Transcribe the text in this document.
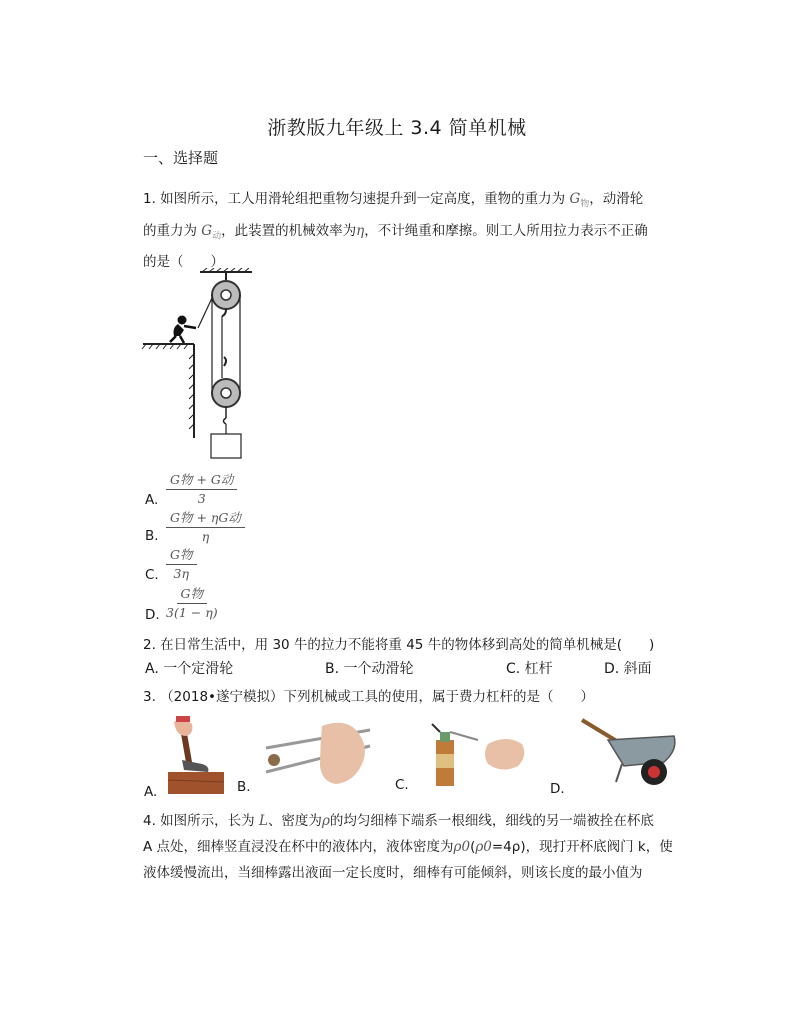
浙教版九年级上 3.4 简单机械
一、选择题
1. 如图所示，工人用滑轮组把重物匀速提升到一定高度，重物的重力为 $G_物$，动滑轮
的重力为 $G_动$，此装置的机械效率为η，不计绳重和摩擦。则工人所用拉力表示不正确
的是（　　）
A.
G物 + G动
3
B.
G物 + ηG动
η
C.
G物
3η
D.
G物
3(1 − η)
2. 在日常生活中，用 30 牛的拉力不能将重 45 牛的物体移到高处的简单机械是(　　)
A. 一个定滑轮	B. 一个动滑轮	C. 杠杆	D. 斜面
3. （2018•遂宁模拟）下列机械或工具的使用，属于费力杠杆的是（　　）
A.	B.	C.	D.
4. 如图所示，长为 L、密度为ρ的均匀细棒下端系一根细线，细线的另一端被拴在杯底
A 点处，细棒竖直浸没在杯中的液体内，液体密度为ρ0(ρ0=4ρ)，现打开杯底阀门 k，使
液体缓慢流出，当细棒露出液面一定长度时，细棒有可能倾斜，则该长度的最小值为
